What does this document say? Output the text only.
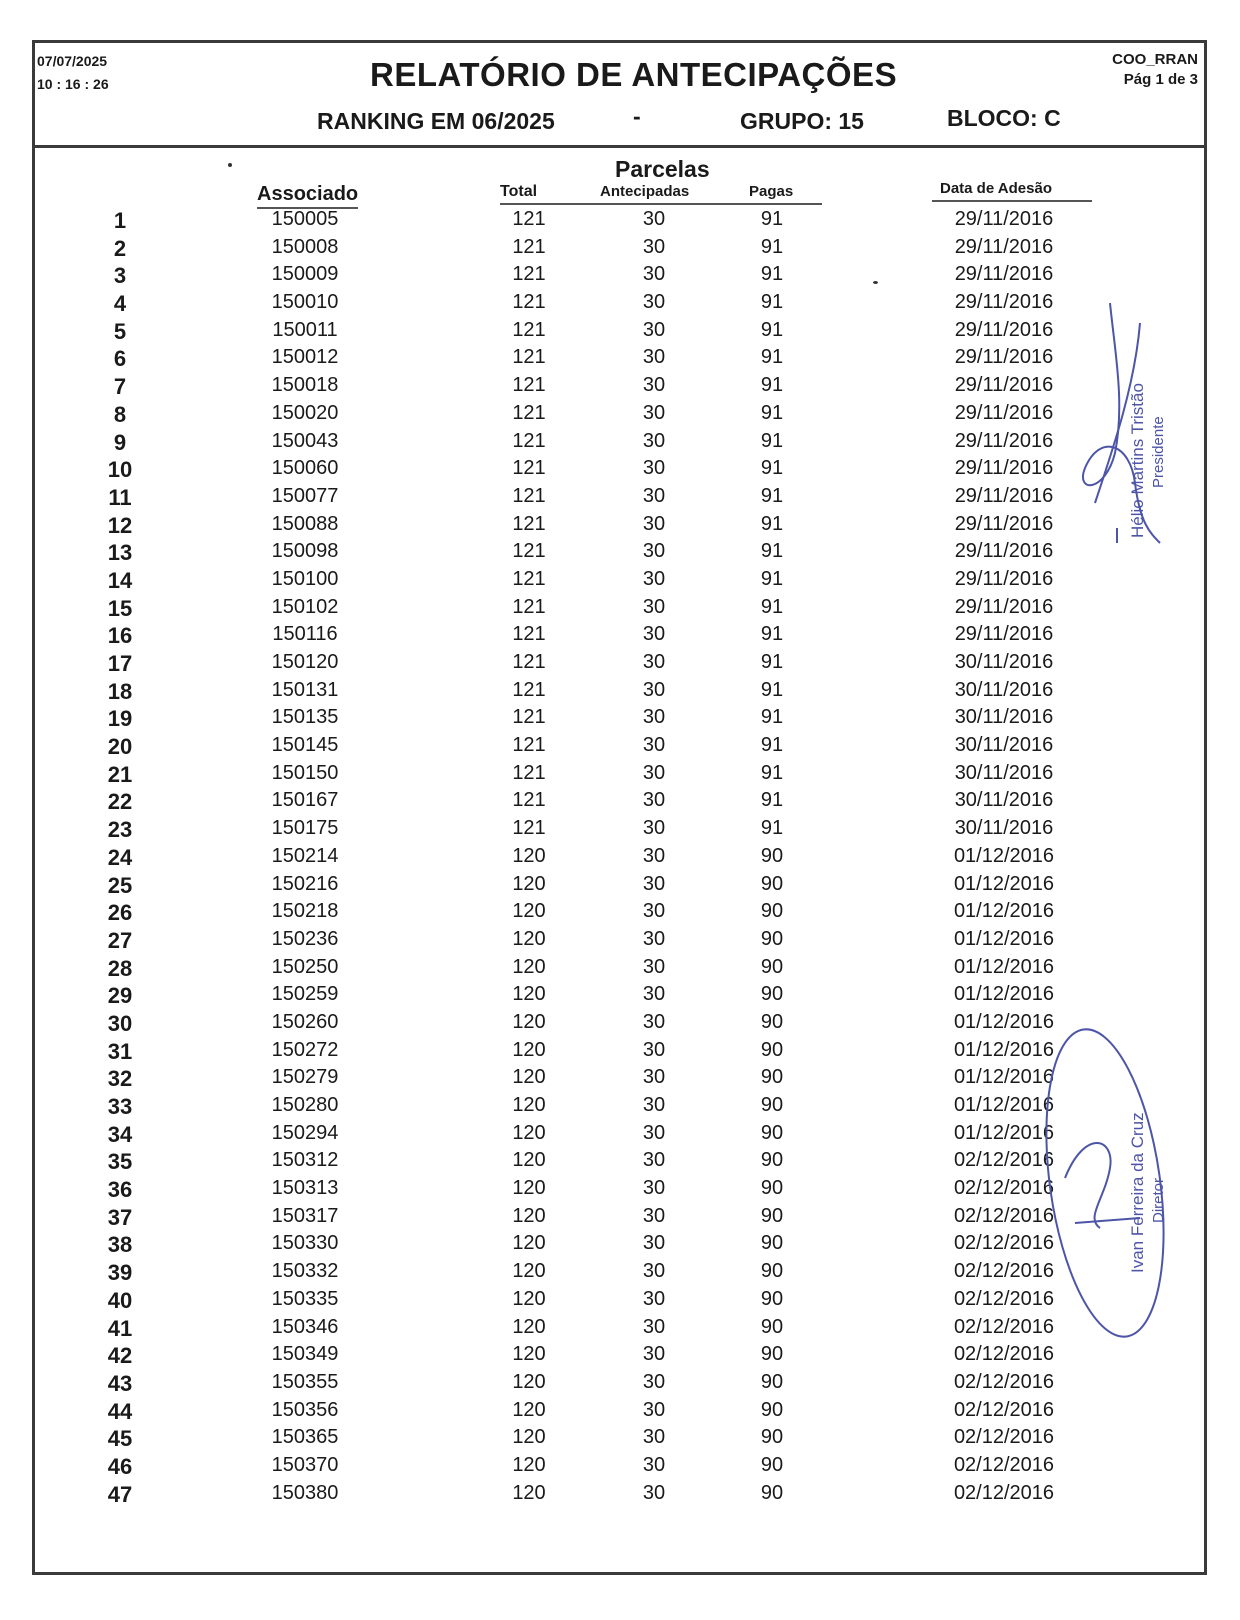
07/07/2025
10 : 16 : 26	RELATÓRIO DE ANTECIPAÇÕES	COO_RRAN
Pág 1 de 3
RANKING EM 06/2025	-	GRUPO: 15	BLOCO: C
Parcelas
Associado	Total	Antecipadas	Pagas	Data de Adesão
1	150005	121	30	91	29/11/2016
2	150008	121	30	91	29/11/2016
3	150009	121	30	91	29/11/2016
4	150010	121	30	91	29/11/2016
5	150011	121	30	91	29/11/2016
6	150012	121	30	91	29/11/2016
7	150018	121	30	91	29/11/2016
8	150020	121	30	91	29/11/2016
9	150043	121	30	91	29/11/2016
10	150060	121	30	91	29/11/2016
11	150077	121	30	91	29/11/2016
12	150088	121	30	91	29/11/2016
13	150098	121	30	91	29/11/2016
14	150100	121	30	91	29/11/2016
15	150102	121	30	91	29/11/2016
16	150116	121	30	91	29/11/2016
17	150120	121	30	91	30/11/2016
18	150131	121	30	91	30/11/2016
19	150135	121	30	91	30/11/2016
20	150145	121	30	91	30/11/2016
21	150150	121	30	91	30/11/2016
22	150167	121	30	91	30/11/2016
23	150175	121	30	91	30/11/2016
24	150214	120	30	90	01/12/2016
25	150216	120	30	90	01/12/2016
26	150218	120	30	90	01/12/2016
27	150236	120	30	90	01/12/2016
28	150250	120	30	90	01/12/2016
29	150259	120	30	90	01/12/2016
30	150260	120	30	90	01/12/2016
31	150272	120	30	90	01/12/2016
32	150279	120	30	90	01/12/2016
33	150280	120	30	90	01/12/2016
34	150294	120	30	90	01/12/2016
35	150312	120	30	90	02/12/2016
36	150313	120	30	90	02/12/2016
37	150317	120	30	90	02/12/2016
38	150330	120	30	90	02/12/2016
39	150332	120	30	90	02/12/2016
40	150335	120	30	90	02/12/2016
41	150346	120	30	90	02/12/2016
42	150349	120	30	90	02/12/2016
43	150355	120	30	90	02/12/2016
44	150356	120	30	90	02/12/2016
45	150365	120	30	90	02/12/2016
46	150370	120	30	90	02/12/2016
47	150380	120	30	90	02/12/2016
Hélio Martins Tristão Presidente
Ivan Ferreira da Cruz Diretor
